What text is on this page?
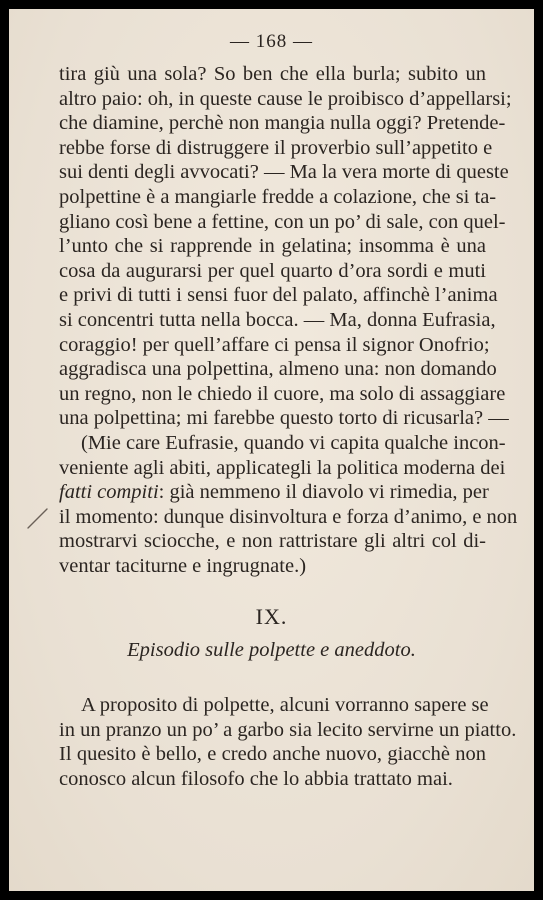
— 168 —
tira giù una sola? So ben che ella burla; subito un
altro paio: oh, in queste cause le proibisco d’appellarsi;
che diamine, perchè non mangia nulla oggi? Pretende-
rebbe forse di distruggere il proverbio sull’appetito e
sui denti degli avvocati? — Ma la vera morte di queste
polpettine è a mangiarle fredde a colazione, che si ta-
gliano così bene a fettine, con un po’ di sale, con quel-
l’unto che si rapprende in gelatina; insomma è una
cosa da augurarsi per quel quarto d’ora sordi e muti
e privi di tutti i sensi fuor del palato, affinchè l’anima
si concentri tutta nella bocca. — Ma, donna Eufrasia,
coraggio! per quell’affare ci pensa il signor Onofrio;
aggradisca una polpettina, almeno una: non domando
un regno, non le chiedo il cuore, ma solo di assaggiare
una polpettina; mi farebbe questo torto di ricusarla? —
(Mie care Eufrasie, quando vi capita qualche incon-
veniente agli abiti, applicategli la politica moderna dei
fatti compiti: già nemmeno il diavolo vi rimedia, per
il momento: dunque disinvoltura e forza d’animo, e non
mostrarvi sciocche, e non rattristare gli altri col di-
ventar taciturne e ingrugnate.)
IX.
Episodio sulle polpette e aneddoto.
A proposito di polpette, alcuni vorranno sapere se
in un pranzo un po’ a garbo sia lecito servirne un piatto.
Il quesito è bello, e credo anche nuovo, giacchè non
conosco alcun filosofo che lo abbia trattato mai.
